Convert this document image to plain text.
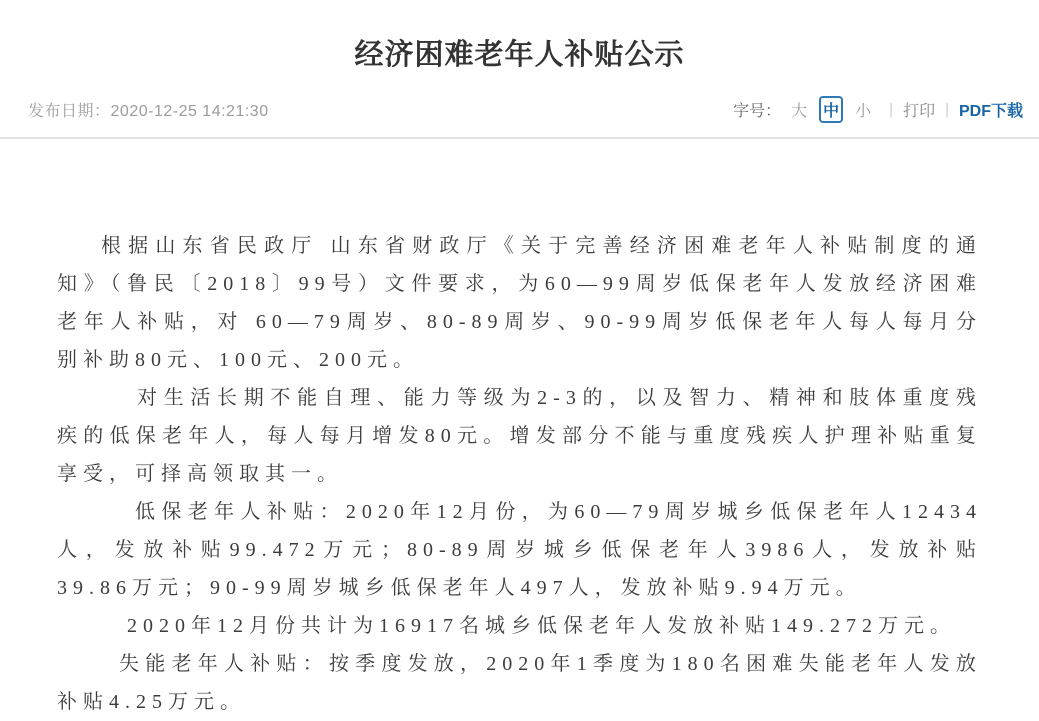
经济困难老年人补贴公示
发布日期：2020-12-25 14:21:30	字号： 大 中 小 | 打印 | PDF下载

根据山东省民政厅 山东省财政厅《关于完善经济困难老年人补贴制度的通知》（鲁民〔2018〕99号）文件要求，为60—99周岁低保老年人发放经济困难老年人补贴，对 60—79周岁、80-89周岁、90-99周岁低保老年人每人每月分别补助80元、100元、200元。

对生活长期不能自理、能力等级为2-3的，以及智力、精神和肢体重度残疾的低保老年人，每人每月增发80元。增发部分不能与重度残疾人护理补贴重复享受，可择高领取其一。

低保老年人补贴：2020年12月份，为60—79周岁城乡低保老年人12434人，发放补贴99.472万元；80-89周岁城乡低保老年人3986人，发放补贴39.86万元；90-99周岁城乡低保老年人497人，发放补贴9.94万元。

2020年12月份共计为16917名城乡低保老年人发放补贴149.272万元。

失能老年人补贴：按季度发放，2020年1季度为180名困难失能老年人发放补贴4.25万元。
